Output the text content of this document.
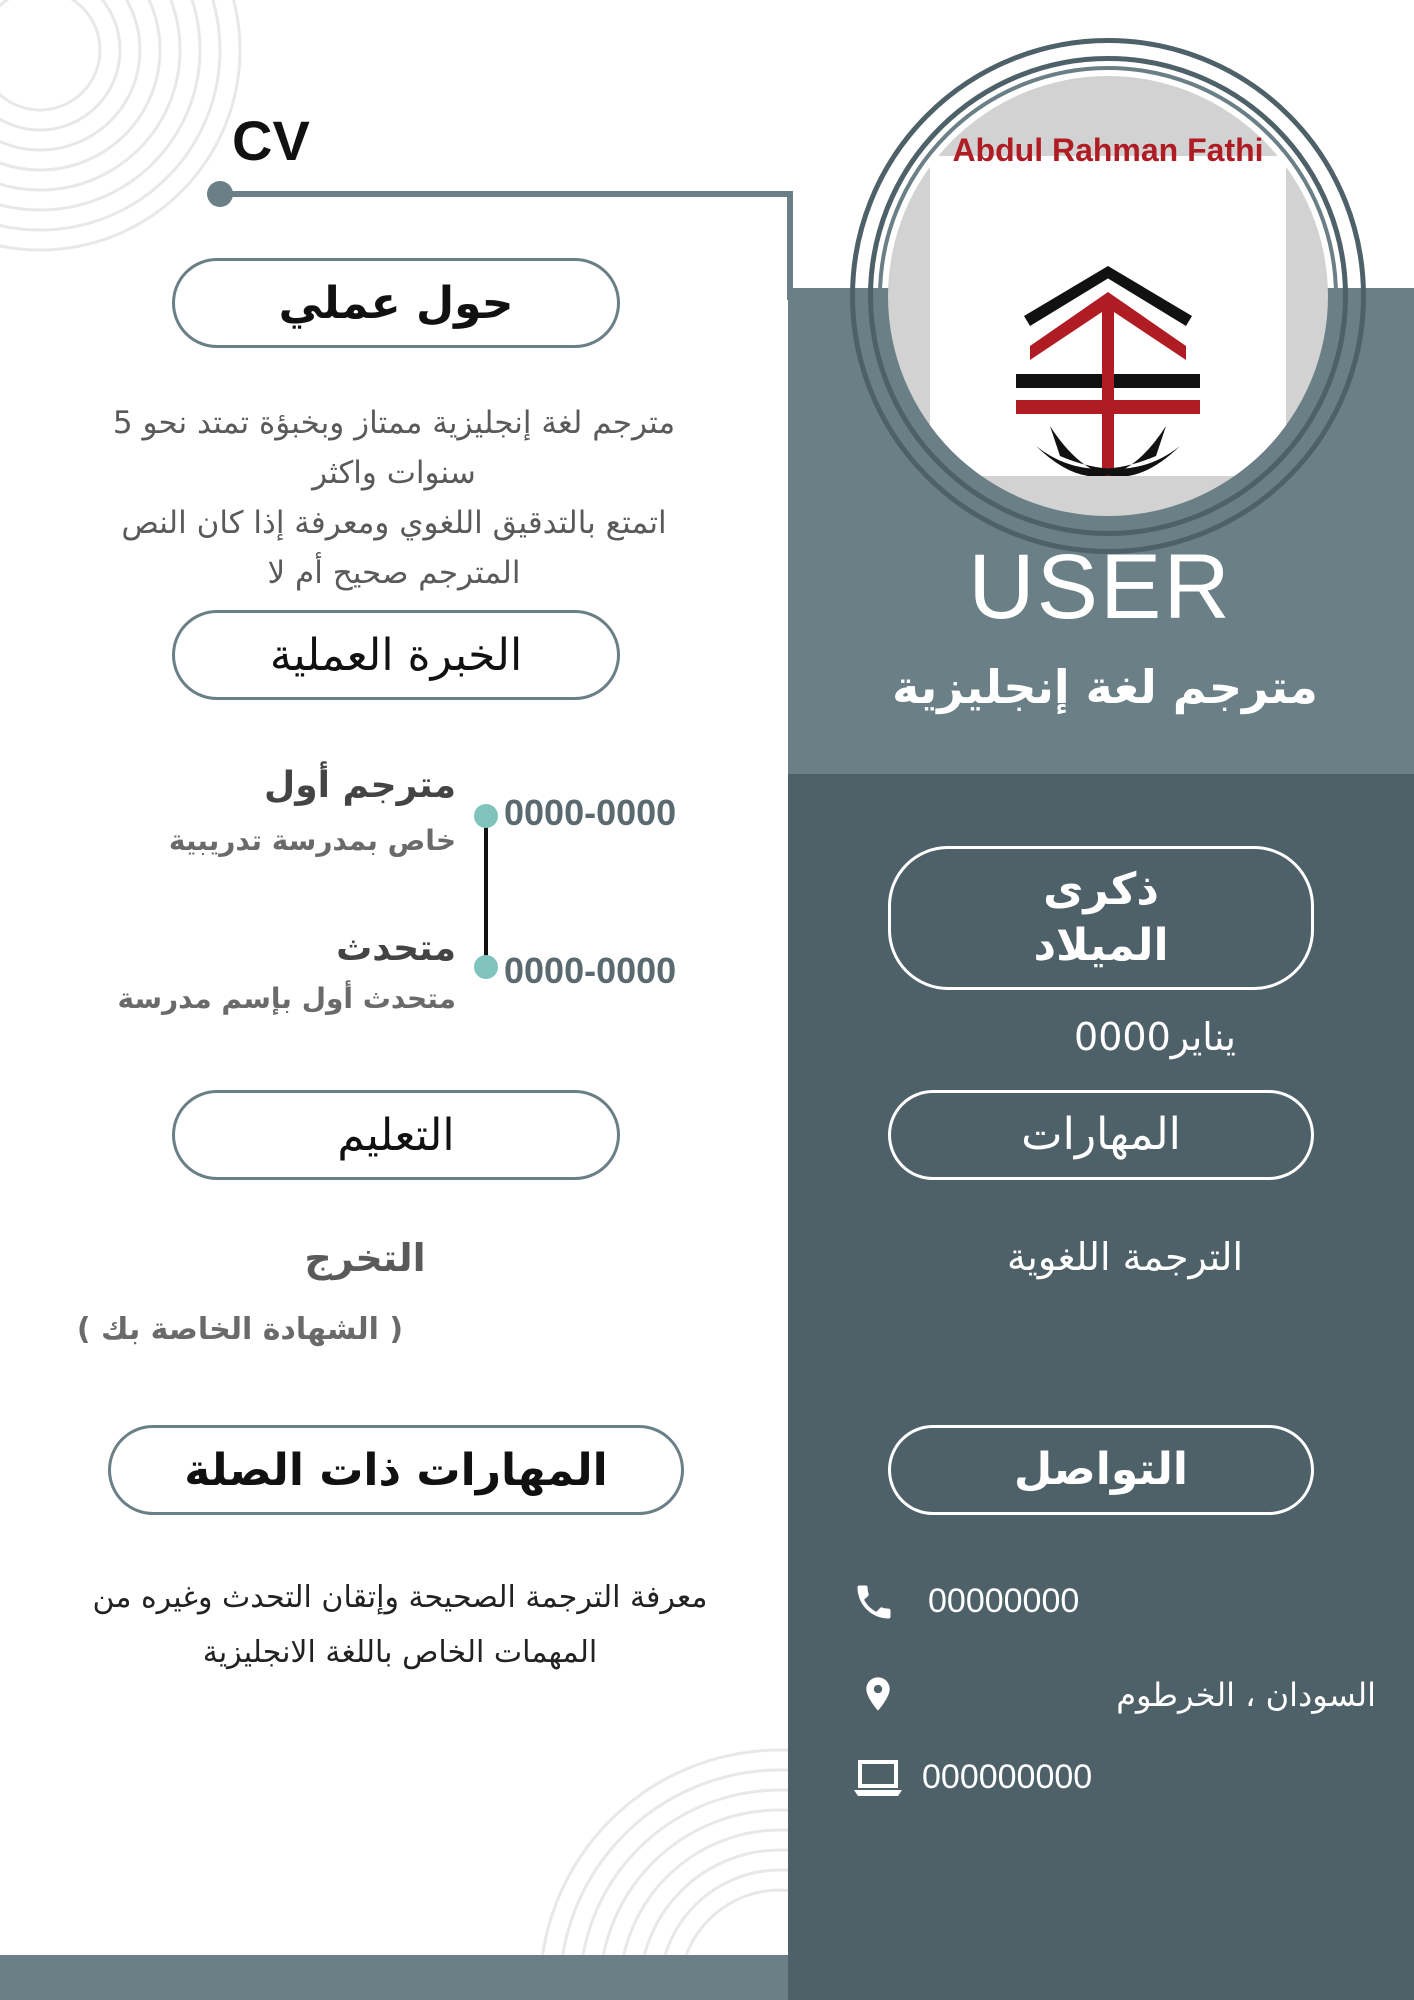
CV	Abdul Rahman Fathi
USER
مترجم لغة إنجليزية
حول عملي
مترجم لغة إنجليزية ممتاز وبخبؤة تمتد نحو 5
سنوات واكثر
اتمتع بالتدقيق اللغوي ومعرفة إذا كان النص
المترجم صحيح أم لا
الخبرة العملية
0000-0000
مترجم أول
خاص بمدرسة تدريبية
0000-0000
متحدث
متحدث أول بإسم مدرسة
التعليم
التخرج
( الشهادة الخاصة بك )
المهارات ذات الصلة
معرفة الترجمة الصحيحة وإتقان التحدث وغيره من
المهمات الخاص باللغة الانجليزية
ذكرى
الميلاد
يناير0000
المهارات
الترجمة اللغوية
التواصل
00000000
السودان ، الخرطوم
000000000
